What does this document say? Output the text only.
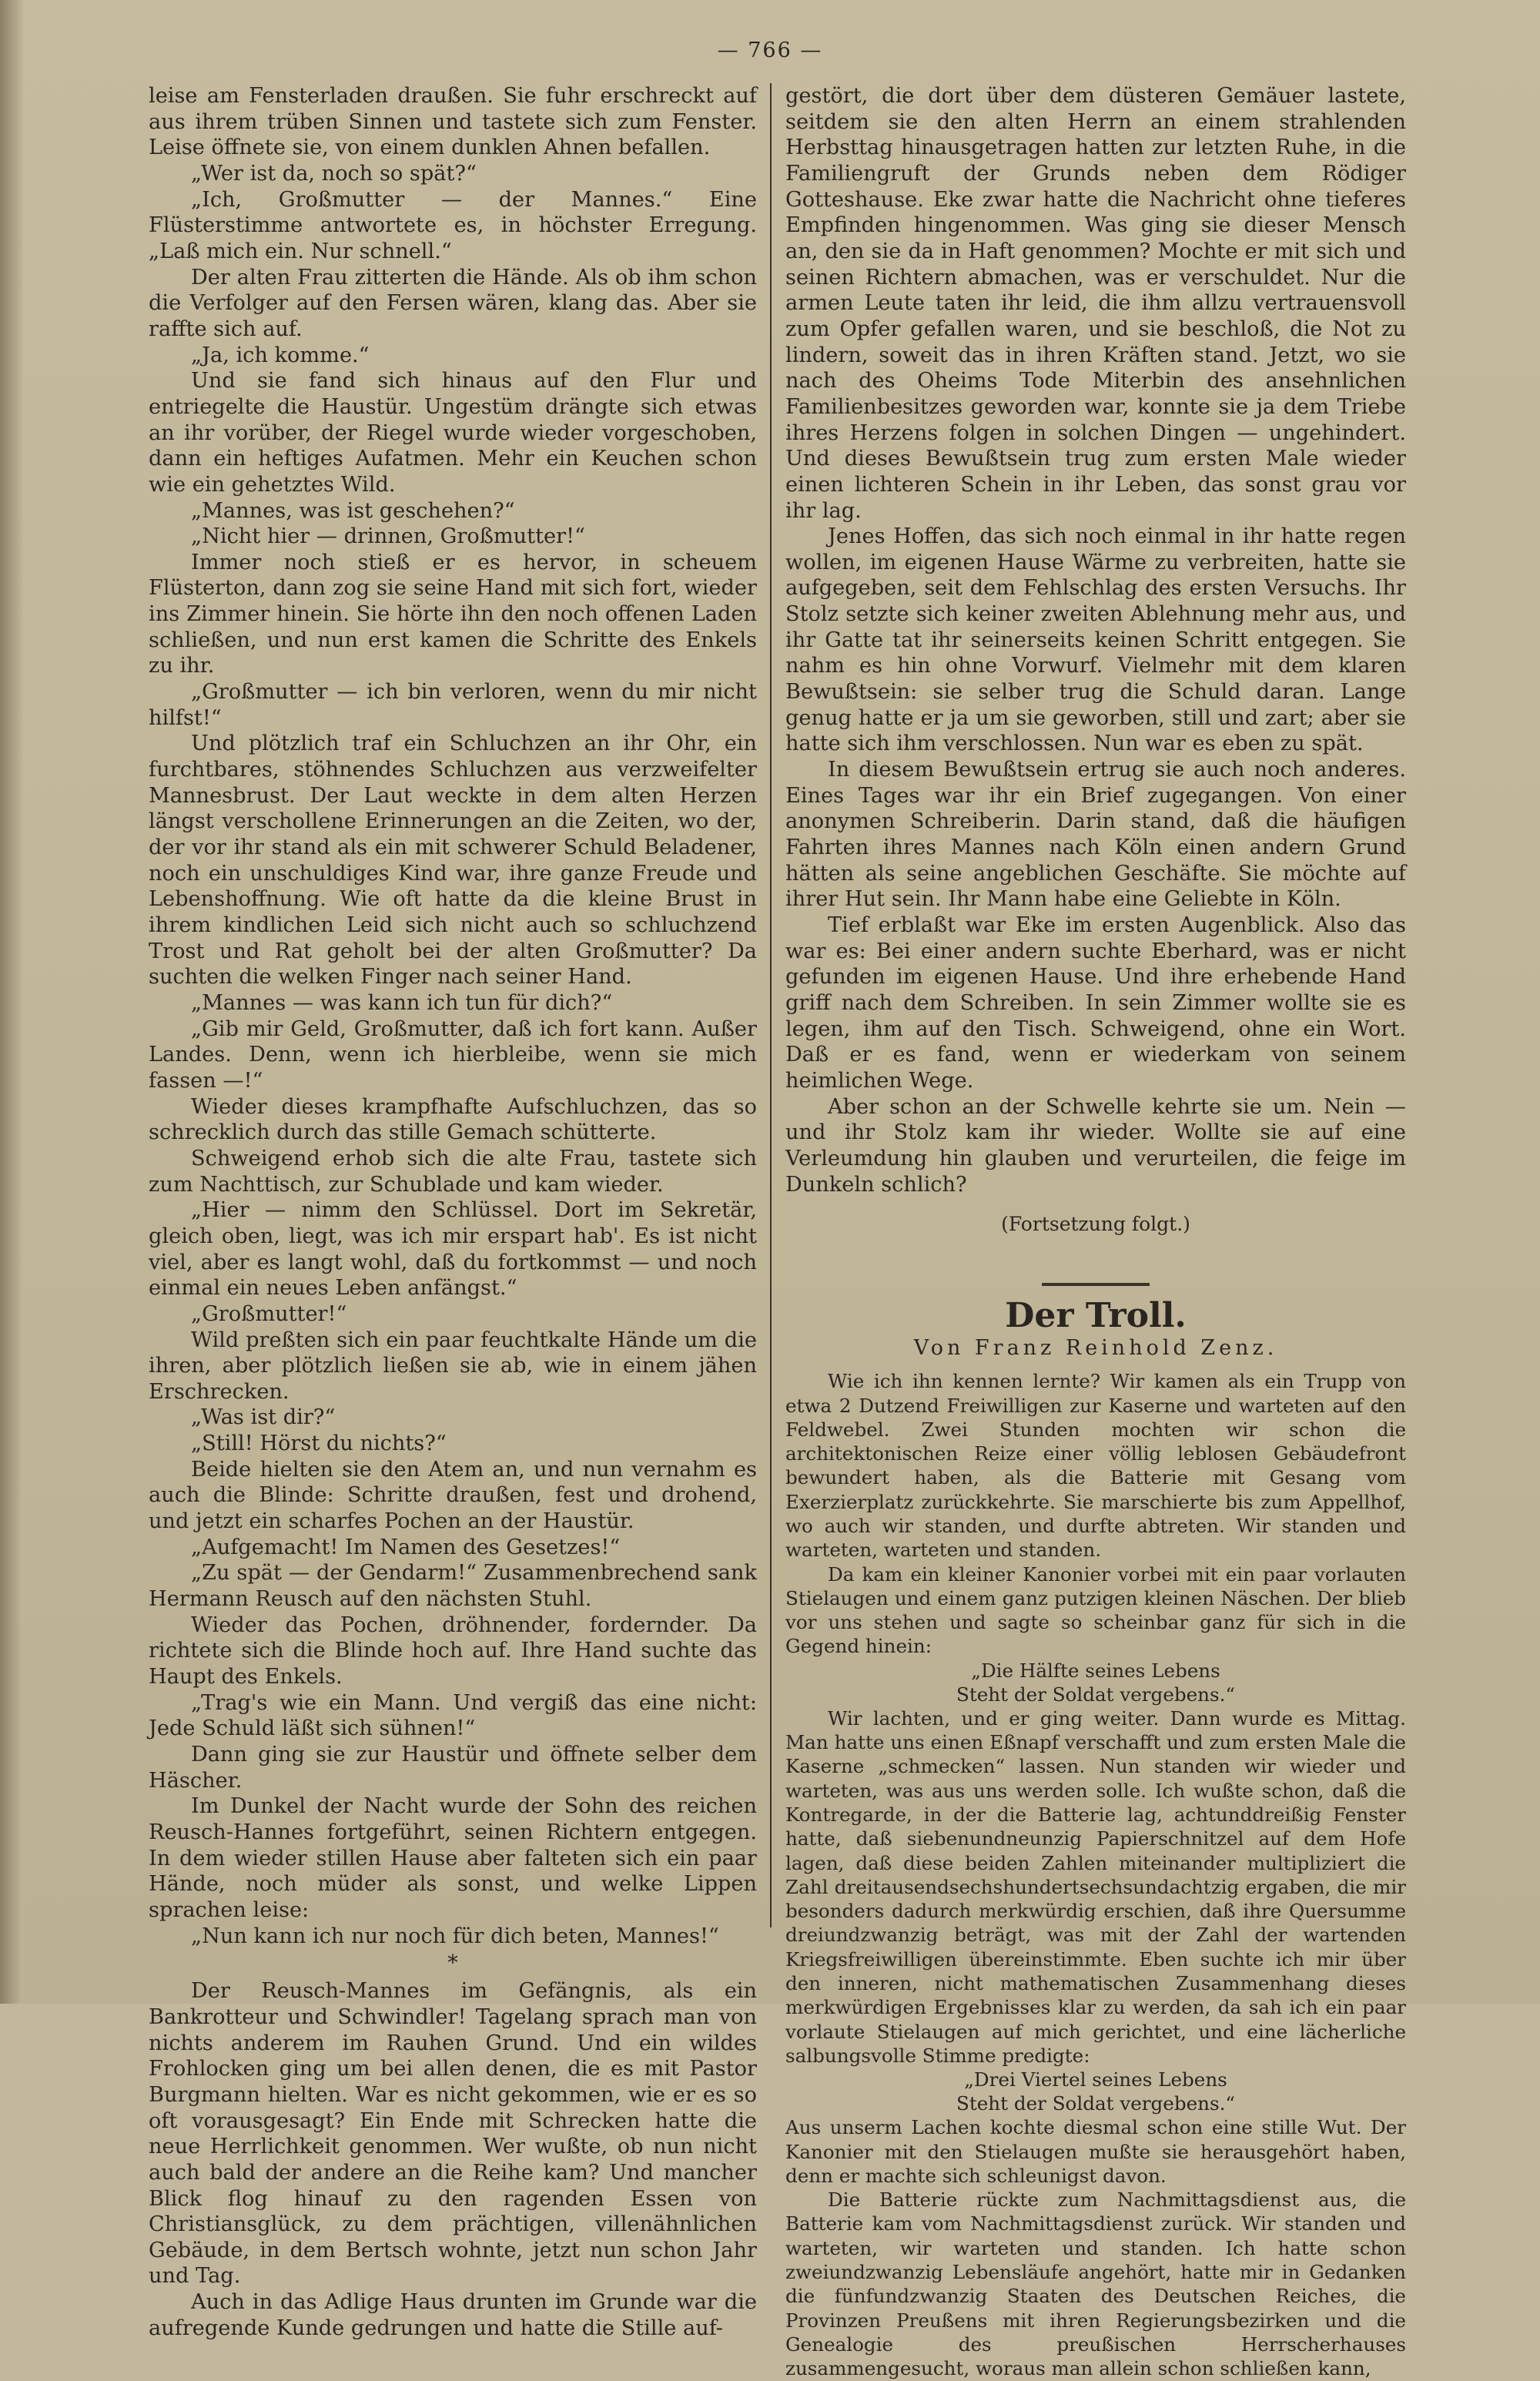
— 766 —

leise am Fensterladen draußen. Sie fuhr erschreckt auf aus ihrem trüben Sinnen und tastete sich zum Fenster. Leise öffnete sie, von einem dunklen Ahnen befallen.

„Wer ist da, noch so spät?“

„Ich, Großmutter — der Mannes.“ Eine Flüsterstimme antwortete es, in höchster Erregung. „Laß mich ein. Nur schnell.“

Der alten Frau zitterten die Hände. Als ob ihm schon die Verfolger auf den Fersen wären, klang das. Aber sie raffte sich auf.

„Ja, ich komme.“

Und sie fand sich hinaus auf den Flur und entriegelte die Haustür. Ungestüm drängte sich etwas an ihr vorüber, der Riegel wurde wieder vorgeschoben, dann ein heftiges Aufatmen. Mehr ein Keuchen schon wie ein gehetztes Wild.

„Mannes, was ist geschehen?“

„Nicht hier — drinnen, Großmutter!“

Immer noch stieß er es hervor, in scheuem Flüsterton, dann zog sie seine Hand mit sich fort, wieder ins Zimmer hinein. Sie hörte ihn den noch offenen Laden schließen, und nun erst kamen die Schritte des Enkels zu ihr.

„Großmutter — ich bin verloren, wenn du mir nicht hilfst!“

Und plötzlich traf ein Schluchzen an ihr Ohr, ein furchtbares, stöhnendes Schluchzen aus verzweifelter Mannesbrust. Der Laut weckte in dem alten Herzen längst verschollene Erinnerungen an die Zeiten, wo der, der vor ihr stand als ein mit schwerer Schuld Beladener, noch ein unschuldiges Kind war, ihre ganze Freude und Lebenshoffnung. Wie oft hatte da die kleine Brust in ihrem kindlichen Leid sich nicht auch so schluchzend Trost und Rat geholt bei der alten Großmutter? Da suchten die welken Finger nach seiner Hand.

„Mannes — was kann ich tun für dich?“

„Gib mir Geld, Großmutter, daß ich fort kann. Außer Landes. Denn, wenn ich hierbleibe, wenn sie mich fassen —!“

Wieder dieses krampfhafte Aufschluchzen, das so schrecklich durch das stille Gemach schütterte.

Schweigend erhob sich die alte Frau, tastete sich zum Nachttisch, zur Schublade und kam wieder.

„Hier — nimm den Schlüssel. Dort im Sekretär, gleich oben, liegt, was ich mir erspart hab'. Es ist nicht viel, aber es langt wohl, daß du fortkommst — und noch einmal ein neues Leben anfängst.“

„Großmutter!“

Wild preßten sich ein paar feuchtkalte Hände um die ihren, aber plötzlich ließen sie ab, wie in einem jähen Erschrecken.

„Was ist dir?“

„Still! Hörst du nichts?“

Beide hielten sie den Atem an, und nun vernahm es auch die Blinde: Schritte draußen, fest und drohend, und jetzt ein scharfes Pochen an der Haustür.

„Aufgemacht! Im Namen des Gesetzes!“

„Zu spät — der Gendarm!“ Zusammenbrechend sank Hermann Reusch auf den nächsten Stuhl.

Wieder das Pochen, dröhnender, fordernder. Da richtete sich die Blinde hoch auf. Ihre Hand suchte das Haupt des Enkels.

„Trag's wie ein Mann. Und vergiß das eine nicht: Jede Schuld läßt sich sühnen!“

Dann ging sie zur Haustür und öffnete selber dem Häscher.

Im Dunkel der Nacht wurde der Sohn des reichen Reusch-Hannes fortgeführt, seinen Richtern entgegen. In dem wieder stillen Hause aber falteten sich ein paar Hände, noch müder als sonst, und welke Lippen sprachen leise:

„Nun kann ich nur noch für dich beten, Mannes!“

*

Der Reusch-Mannes im Gefängnis, als ein Bankrotteur und Schwindler! Tagelang sprach man von nichts anderem im Rauhen Grund. Und ein wildes Frohlocken ging um bei allen denen, die es mit Pastor Burgmann hielten. War es nicht gekommen, wie er es so oft vorausgesagt? Ein Ende mit Schrecken hatte die neue Herrlichkeit genommen. Wer wußte, ob nun nicht auch bald der andere an die Reihe kam? Und mancher Blick flog hinauf zu den ragenden Essen von Christiansglück, zu dem prächtigen, villenähnlichen Gebäude, in dem Bertsch wohnte, jetzt nun schon Jahr und Tag.

Auch in das Adlige Haus drunten im Grunde war die aufregende Kunde gedrungen und hatte die Stille auf-

gestört, die dort über dem düsteren Gemäuer lastete, seitdem sie den alten Herrn an einem strahlenden Herbsttag hinausgetragen hatten zur letzten Ruhe, in die Familiengruft der Grunds neben dem Rödiger Gotteshause. Eke zwar hatte die Nachricht ohne tieferes Empfinden hingenommen. Was ging sie dieser Mensch an, den sie da in Haft genommen? Mochte er mit sich und seinen Richtern abmachen, was er verschuldet. Nur die armen Leute taten ihr leid, die ihm allzu vertrauensvoll zum Opfer gefallen waren, und sie beschloß, die Not zu lindern, soweit das in ihren Kräften stand. Jetzt, wo sie nach des Oheims Tode Miterbin des ansehnlichen Familienbesitzes geworden war, konnte sie ja dem Triebe ihres Herzens folgen in solchen Dingen — ungehindert. Und dieses Bewußtsein trug zum ersten Male wieder einen lichteren Schein in ihr Leben, das sonst grau vor ihr lag.

Jenes Hoffen, das sich noch einmal in ihr hatte regen wollen, im eigenen Hause Wärme zu verbreiten, hatte sie aufgegeben, seit dem Fehlschlag des ersten Versuchs. Ihr Stolz setzte sich keiner zweiten Ablehnung mehr aus, und ihr Gatte tat ihr seinerseits keinen Schritt entgegen. Sie nahm es hin ohne Vorwurf. Vielmehr mit dem klaren Bewußtsein: sie selber trug die Schuld daran. Lange genug hatte er ja um sie geworben, still und zart; aber sie hatte sich ihm verschlossen. Nun war es eben zu spät.

In diesem Bewußtsein ertrug sie auch noch anderes. Eines Tages war ihr ein Brief zugegangen. Von einer anonymen Schreiberin. Darin stand, daß die häufigen Fahrten ihres Mannes nach Köln einen andern Grund hätten als seine angeblichen Geschäfte. Sie möchte auf ihrer Hut sein. Ihr Mann habe eine Geliebte in Köln.

Tief erblaßt war Eke im ersten Augenblick. Also das war es: Bei einer andern suchte Eberhard, was er nicht gefunden im eigenen Hause. Und ihre erhebende Hand griff nach dem Schreiben. In sein Zimmer wollte sie es legen, ihm auf den Tisch. Schweigend, ohne ein Wort. Daß er es fand, wenn er wiederkam von seinem heimlichen Wege.

Aber schon an der Schwelle kehrte sie um. Nein — und ihr Stolz kam ihr wieder. Wollte sie auf eine Verleumdung hin glauben und verurteilen, die feige im Dunkeln schlich?

(Fortsetzung folgt.)
Der Troll.
Von Franz Reinhold Zenz.

Wie ich ihn kennen lernte? Wir kamen als ein Trupp von etwa 2 Dutzend Freiwilligen zur Kaserne und warteten auf den Feldwebel. Zwei Stunden mochten wir schon die architektonischen Reize einer völlig leblosen Gebäudefront bewundert haben, als die Batterie mit Gesang vom Exerzierplatz zurückkehrte. Sie marschierte bis zum Appellhof, wo auch wir standen, und durfte abtreten. Wir standen und warteten, warteten und standen.

Da kam ein kleiner Kanonier vorbei mit ein paar vorlauten Stielaugen und einem ganz putzigen kleinen Näschen. Der blieb vor uns stehen und sagte so scheinbar ganz für sich in die Gegend hinein:

„Die Hälfte seines Lebens

Steht der Soldat vergebens.“

Wir lachten, und er ging weiter. Dann wurde es Mittag. Man hatte uns einen Eßnapf verschafft und zum ersten Male die Kaserne „schmecken“ lassen. Nun standen wir wieder und warteten, was aus uns werden solle. Ich wußte schon, daß die Kontregarde, in der die Batterie lag, achtunddreißig Fenster hatte, daß siebenundneunzig Papierschnitzel auf dem Hofe lagen, daß diese beiden Zahlen miteinander multipliziert die Zahl dreitausendsechshundertsechsundachtzig ergaben, die mir besonders dadurch merkwürdig erschien, daß ihre Quersumme dreiundzwanzig beträgt, was mit der Zahl der wartenden Kriegsfreiwilligen übereinstimmte. Eben suchte ich mir über den inneren, nicht mathematischen Zusammenhang dieses merkwürdigen Ergebnisses klar zu werden, da sah ich ein paar vorlaute Stielaugen auf mich gerichtet, und eine lächerliche salbungsvolle Stimme predigte:

„Drei Viertel seines Lebens

Steht der Soldat vergebens.“

Aus unserm Lachen kochte diesmal schon eine stille Wut. Der Kanonier mit den Stielaugen mußte sie herausgehört haben, denn er machte sich schleunigst davon.

Die Batterie rückte zum Nachmittagsdienst aus, die Batterie kam vom Nachmittagsdienst zurück. Wir standen und warteten, wir warteten und standen. Ich hatte schon zweiundzwanzig Lebensläufe angehört, hatte mir in Gedanken die fünfundzwanzig Staaten des Deutschen Reiches, die Provinzen Preußens mit ihren Regierungsbezirken und die Genealogie des preußischen Herrscherhauses zusammengesucht, woraus man allein schon schließen kann,
